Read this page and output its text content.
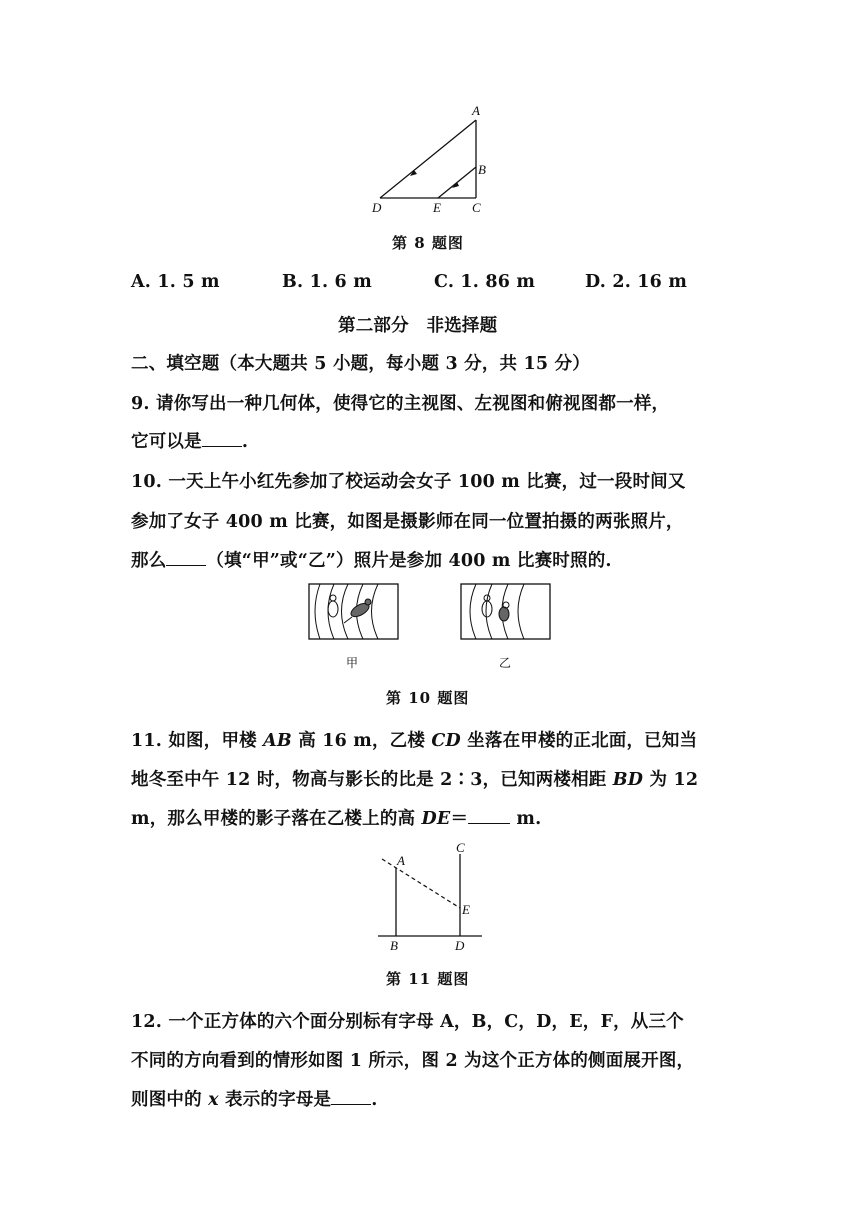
A
B
C
D	E
第 8 题图
A. 1. 5 m	B. 1. 6 m	C. 1. 86 m	D. 2. 16 m
第二部分　非选择题
二、填空题（本大题共 5 小题，每小题 3 分，共 15 分）
9. 请你写出一种几何体，使得它的主视图、左视图和俯视图都一样，
它可以是 .
10. 一天上午小红先参加了校运动会女子 100 m 比赛，过一段时间又
参加了女子 400 m 比赛，如图是摄影师在同一位置拍摄的两张照片，
那么 （填“甲”或“乙”）照片是参加 400 m 比赛时照的.
甲	乙
第 10 题图
11. 如图，甲楼 AB 高 16 m，乙楼 CD 坐落在甲楼的正北面，已知当
地冬至中午 12 时，物高与影长的比是 2∶3，已知两楼相距 BD 为 12
m，那么甲楼的影子落在乙楼上的高 DE＝ m.
A
B
C
D
E
第 11 题图
12. 一个正方体的六个面分别标有字母 A，B，C，D，E，F，从三个
不同的方向看到的情形如图 1 所示，图 2 为这个正方体的侧面展开图，
则图中的 x 表示的字母是 .
